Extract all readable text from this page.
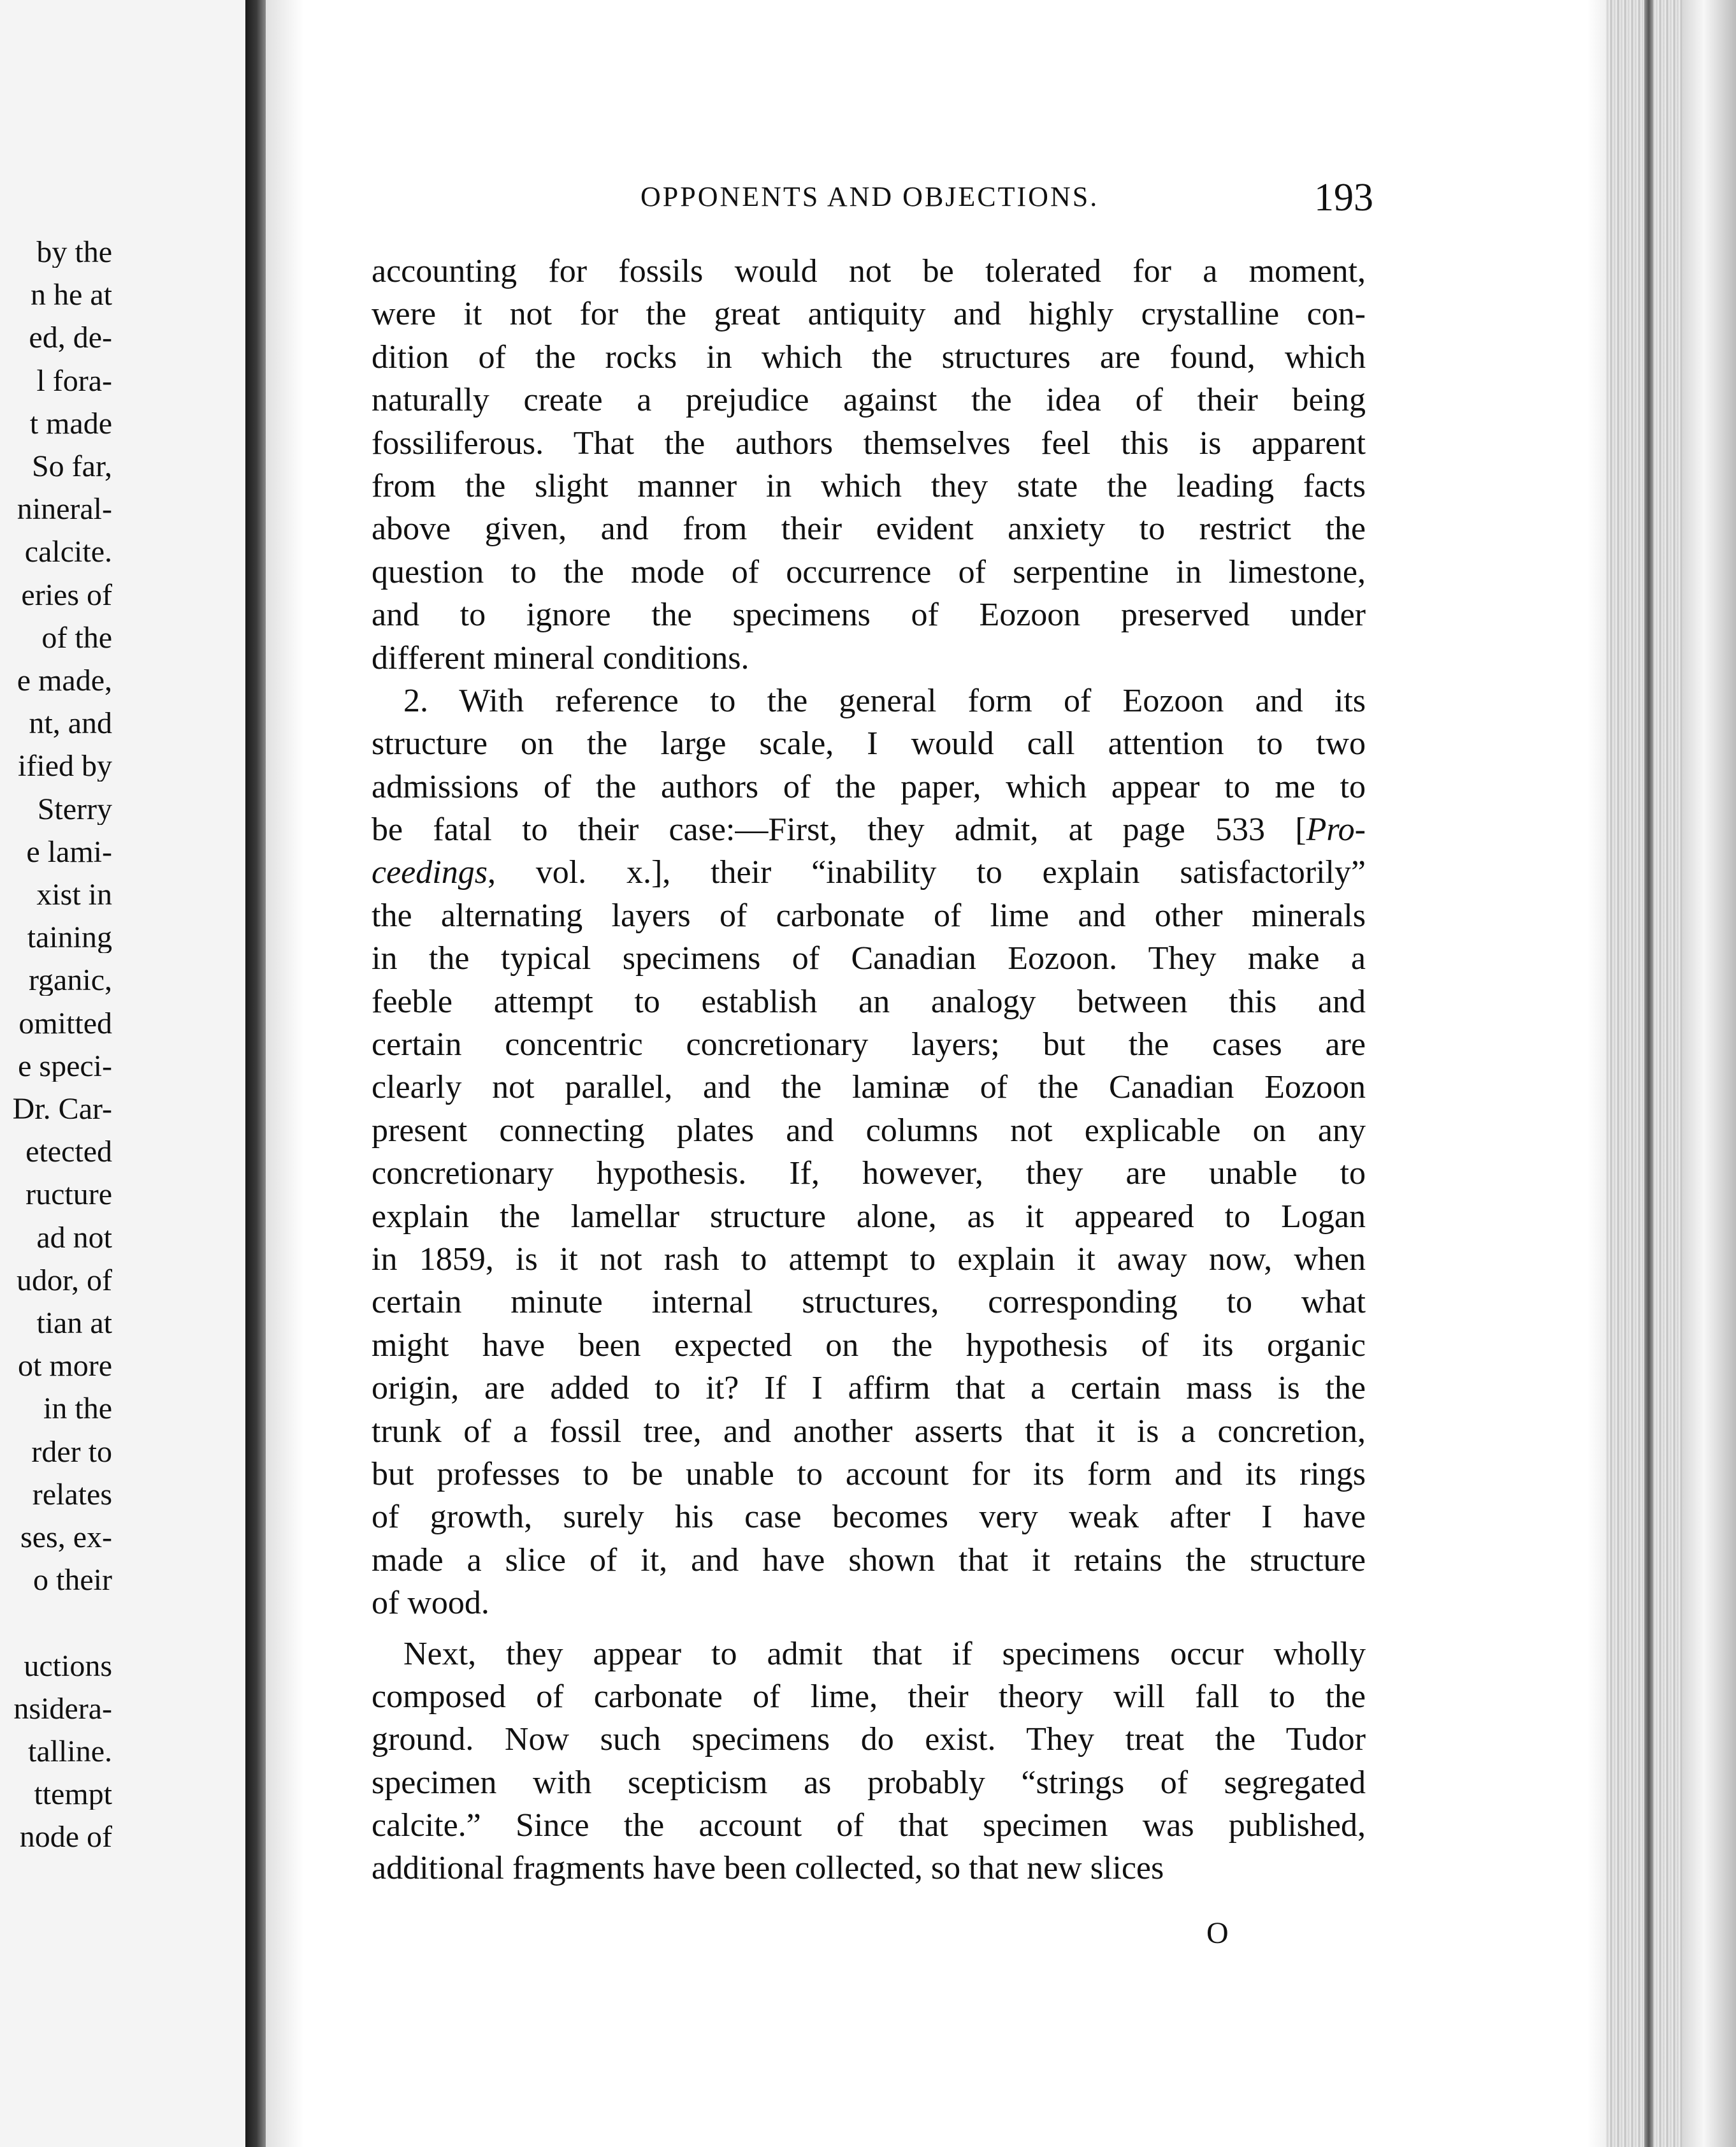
by the
n he at
ed, de-
l fora-
t made
So far,
nineral-
calcite.
eries of
of the
e made,
nt, and
ified by
Sterry
e lami-
xist in
taining
rganic,
omitted
e speci-
Dr. Car-
etected
ructure
ad not
udor, of
tian at
ot more
in the
rder to
relates
ses, ex-
o their
uctions
nsidera-
talline.
ttempt
node of
OPPONENTS AND OBJECTIONS.	193
accounting for fossils would not be tolerated for a moment,
were it not for the great antiquity and highly crystalline con-
dition of the rocks in which the structures are found, which
naturally create a prejudice against the idea of their being
fossiliferous. That the authors themselves feel this is apparent
from the slight manner in which they state the leading facts
above given, and from their evident anxiety to restrict the
question to the mode of occurrence of serpentine in limestone,
and to ignore the specimens of Eozoon preserved under
different mineral conditions.
2. With reference to the general form of Eozoon and its
structure on the large scale, I would call attention to two
admissions of the authors of the paper, which appear to me to
be fatal to their case:—First, they admit, at page 533 [Pro-
ceedings, vol. x.], their “inability to explain satisfactorily”
the alternating layers of carbonate of lime and other minerals
in the typical specimens of Canadian Eozoon. They make a
feeble attempt to establish an analogy between this and
certain concentric concretionary layers; but the cases are
clearly not parallel, and the laminæ of the Canadian Eozoon
present connecting plates and columns not explicable on any
concretionary hypothesis. If, however, they are unable to
explain the lamellar structure alone, as it appeared to Logan
in 1859, is it not rash to attempt to explain it away now, when
certain minute internal structures, corresponding to what
might have been expected on the hypothesis of its organic
origin, are added to it? If I affirm that a certain mass is the
trunk of a fossil tree, and another asserts that it is a concretion,
but professes to be unable to account for its form and its rings
of growth, surely his case becomes very weak after I have
made a slice of it, and have shown that it retains the structure
of wood.
Next, they appear to admit that if specimens occur wholly
composed of carbonate of lime, their theory will fall to the
ground. Now such specimens do exist. They treat the Tudor
specimen with scepticism as probably “strings of segregated
calcite.” Since the account of that specimen was published,
additional fragments have been collected, so that new slices
O
